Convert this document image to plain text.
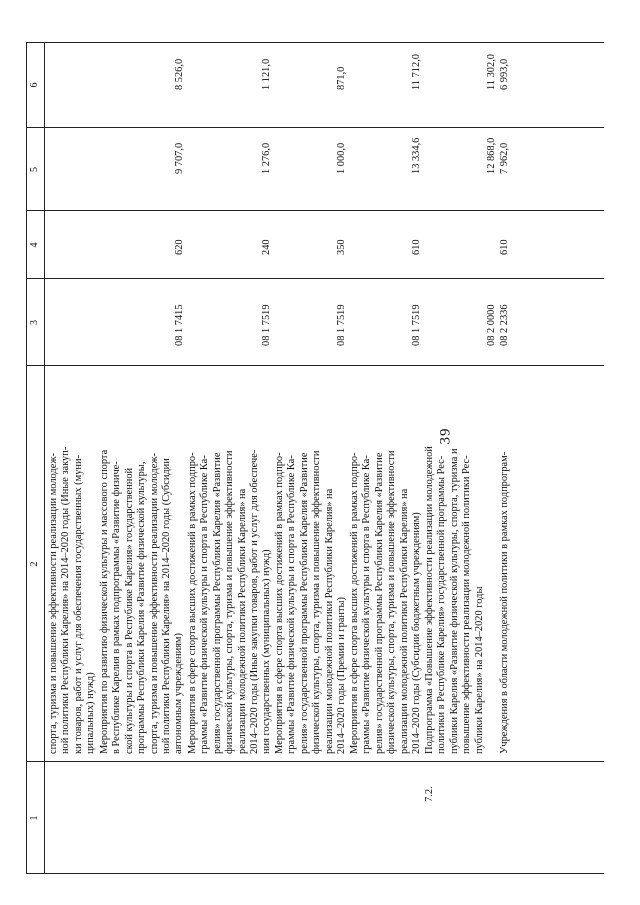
39
1
2
3
4
5
6
спорта, туризма и повышение эффективности реализации молодеж-
ной политики Республики Карелия» на 2014–2020 годы (Иные закуп-
ки товаров, работ и услуг для обеспечения государственных (муни-
ципальных) нужд)
Мероприятия по развитию физической культуры и массового спорта
в Республике Карелия в рамках подпрограммы «Развитие физиче-
ской культуры и спорта в Республике Карелия» государственной
программы Республики Карелия «Развитие физической культуры,
спорта, туризма и повышение эффективности реализации молодеж-
ной политики Республики Карелия» на 2014–2020 годы (Субсидии
автономным учреждениям)
08 1 7415
620
9 707,0
8 526,0
Мероприятия в сфере спорта высших достижений в рамках подпро-
граммы «Развитие физической культуры и спорта в Республике Ка-
релия» государственной программы Республики Карелия «Развитие
физической культуры, спорта, туризма и повышение эффективности
реализации молодежной политики Республики Карелия» на
2014–2020 годы (Иные закупки товаров, работ и услуг для обеспече-
ния государственных (муниципальных) нужд)
08 1 7519
240
1 276,0
1 121,0
Мероприятия в сфере спорта высших достижений в рамках подпро-
граммы «Развитие физической культуры и спорта в Республике Ка-
релия» государственной программы Республики Карелия «Развитие
физической культуры, спорта, туризма и повышение эффективности
реализации молодежной политики Республики Карелия» на
2014–2020 годы (Премии и гранты)
08 1 7519
350
1 000,0
871,0
Мероприятия в сфере спорта высших достижений в рамках подпро-
граммы «Развитие физической культуры и спорта в Республике Ка-
релия» государственной программы Республики Карелия «Развитие
физической культуры, спорта, туризма и повышение эффективности
реализации молодежной политики Республики Карелия» на
2014–2020 годы (Субсидии бюджетным учреждениям)
08 1 7519
610
13 334,6
11 712,0
7.2.
Подпрограмма «Повышение эффективности реализации молодежной
политики в Республике Карелия» государственной программы Рес-
публики Карелия «Развитие физической культуры, спорта, туризма и
повышение эффективности реализации молодежной политики Рес-
публики Карелия» на 2014–2020 годы
08 2 0000
12 868,0
11 302,0
Учреждения в области молодежной политики в рамках подпрограм-
08 2 2336
610
7 962,0
6 993,0
